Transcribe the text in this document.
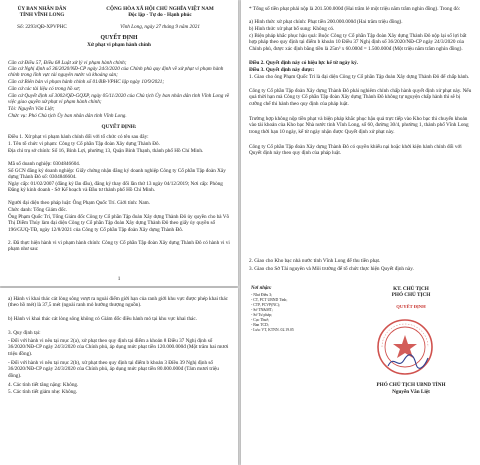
ỦY BAN NHÂN DÂN
TỈNH VĨNH LONG
Số: 2293/QĐ-XPVPHC
CỘNG HÒA XÃ HỘI CHỦ NGHĨA VIỆT NAM
Độc lập - Tự do - Hạnh phúc
Vĩnh Long, ngày 27 tháng 9 năm 2021
QUYẾT ĐỊNH
Xử phạt vi phạm hành chính
Căn cứ Điều 57, Điều 68 Luật xử lý vi phạm hành chính;
Căn cứ Nghị định số 36/2020/NĐ-CP ngày 24/3/2020 của Chính phủ quy định về xử phạt vi phạm hành chính trong lĩnh vực tài nguyên nước và khoáng sản;
Căn cứ Biên bản vi phạm hành chính số 01/BB-VPHC lập ngày 10/9/2021;
Căn cứ các tài liệu có trong hồ sơ;
Căn cứ Quyết định số 3002/QĐ-GQXP, ngày 05/11/2020 của Chủ tịch Ủy ban nhân dân tỉnh Vĩnh Long về việc giao quyền xử phạt vi phạm hành chính;
Tôi: Nguyễn Văn Liệt;
Chức vụ: Phó Chủ tịch Ủy ban nhân dân tỉnh Vĩnh Long.
QUYẾT ĐỊNH:
Điều 1. Xử phạt vi phạm hành chính đối với tổ chức có tên sau đây:
1. Tên tổ chức vi phạm: Công ty Cổ phần Tập đoàn Xây dựng Thành Đô.
Địa chỉ trụ sở chính: Số 16, Bình Lợi, phường 13, Quận Bình Thạnh, thành phố Hồ Chí Minh.
Mã số doanh nghiệp: 0304846604.
Số GCN đăng ký doanh nghiệp: Giấy chứng nhận đăng ký doanh nghiệp Công ty Cổ phần Tập đoàn Xây dựng Thành Đô số: 0304846604.
Ngày cấp: 01/02/2007 (đăng ký lần đầu), đăng ký thay đổi lần thứ 13 ngày 04/12/2019; Nơi cấp: Phòng Đăng ký kinh doanh - Sở Kế hoạch và Đầu tư thành phố Hồ Chí Minh.
Người đại diện theo pháp luật: Ông Phạm Quốc Trí. Giới tính: Nam.
Chức danh: Tổng Giám đốc.
Ông Phạm Quốc Trí, Tổng Giám đốc Công ty Cổ phần Tập đoàn Xây dựng Thành Đô ủy quyền cho bà Võ Thị Diễm Thúy làm đại diện Công ty Cổ phần Tập đoàn Xây dựng Thành Đô theo giấy ủy quyền số 196/GUQ-TĐ, ngày 12/8/2021 của Công ty Cổ phần Tập đoàn Xây dựng Thành Đô.
2. Đã thực hiện hành vi vi phạm hành chính: Công ty Cổ phần Tập đoàn Xây dựng Thành Đô có hành vi vi phạm như sau:
1
a) Hành vi khai thác cát lòng sông vượt ra ngoài điểm giới hạn của ranh giới khu vực được phép khai thác (theo hồ mét) là 37,5 mét (ngoài ranh mỏ hướng thượng nguồn).
b) Hành vi khai thác cát lòng sông không có Giám đốc điều hành mỏ tại khu vực khai thác.
3. Quy định tại:
- Đối với hành vi nêu tại mục 2(a), xử phạt theo quy định tại điểm a khoản 8 Điều 37 Nghị định số 36/2020/NĐ-CP ngày 24/3/2020 của Chính phủ, áp dụng mức phạt tiền 120.000.000đ (Một trăm hai mươi triệu đồng).
- Đối với hành vi nêu tại mục 2(b), xử phạt theo quy định tại điểm b khoản 3 Điều 39 Nghị định số 36/2020/NĐ-CP ngày 24/3/2020 của Chính phủ, áp dụng mức phạt tiền 80.000.000đ (Tám mươi triệu đồng).
4. Các tình tiết tăng nặng: Không.
5. Các tình tiết giảm nhẹ: Không.
* Tổng số tiền phạt phải nộp là 201.500.000đ (Hai trăm lẻ một triệu năm trăm nghìn đồng). Trong đó:
a) Hình thức xử phạt chính: Phạt tiền 200.000.000đ (Hai trăm triệu đồng).
b) Hình thức xử phạt bổ sung: Không có.
c) Biện pháp khắc phục hậu quả: Buộc Công ty Cổ phần Tập đoàn Xây dựng Thành Đô nộp lại số lợi bất hợp pháp theo quy định tại điểm b khoản 10 Điều 37 Nghị định số 36/2020/NĐ-CP ngày 24/3/2020 của Chính phủ, được xác định bằng tiền là 25m³ x 60.000đ = 1.500.000đ (Một triệu năm trăm nghìn đồng).
Điều 2. Quyết định này có hiệu lực kể từ ngày ký.
Điều 3. Quyết định này được:
1. Giao cho ông Phạm Quốc Trí là đại diện Công ty Cổ phần Tập đoàn Xây dựng Thành Đô để chấp hành.
Công ty Cổ phần Tập đoàn Xây dựng Thành Đô phải nghiêm chỉnh chấp hành quyết định xử phạt này. Nếu quá thời hạn mà Công ty Cổ phần Tập đoàn Xây dựng Thành Đô không tự nguyện chấp hành thì sẽ bị cưỡng chế thi hành theo quy định của pháp luật.
Trường hợp không nộp tiền phạt và biện pháp khắc phục hậu quả trực tiếp vào Kho bạc thì chuyển khoản vào tài khoản của Kho bạc Nhà nước tỉnh Vĩnh Long, số 60, đường 30/4, phường 1, thành phố Vĩnh Long trong thời hạn 10 ngày, kể từ ngày nhận được Quyết định xử phạt này.
Công ty Cổ phần Tập đoàn Xây dựng Thành Đô có quyền khiếu nại hoặc khởi kiện hành chính đối với Quyết định này theo quy định của pháp luật.
2. Giao cho Kho bạc nhà nước tỉnh Vĩnh Long để thu tiền phạt.
3. Giao cho Sở Tài nguyên và Môi trường để tổ chức thực hiện Quyết định này.
Nơi nhận:
- Như Điều 3;
- CT, PCT UBND Tỉnh;
- CTP, PCVP(NC);
- Sở TN&MT;
- Sở Tư pháp;
- Cục Thuế;
- Ban TCD;
- Lưu: VT, KTNN. 02.19.05
KT. CHỦ TỊCH
PHÓ CHỦ TỊCH
QUYẾT ĐỊNH
PHÓ CHỦ TỊCH UBND TỈNH
Nguyễn Văn Liệt
